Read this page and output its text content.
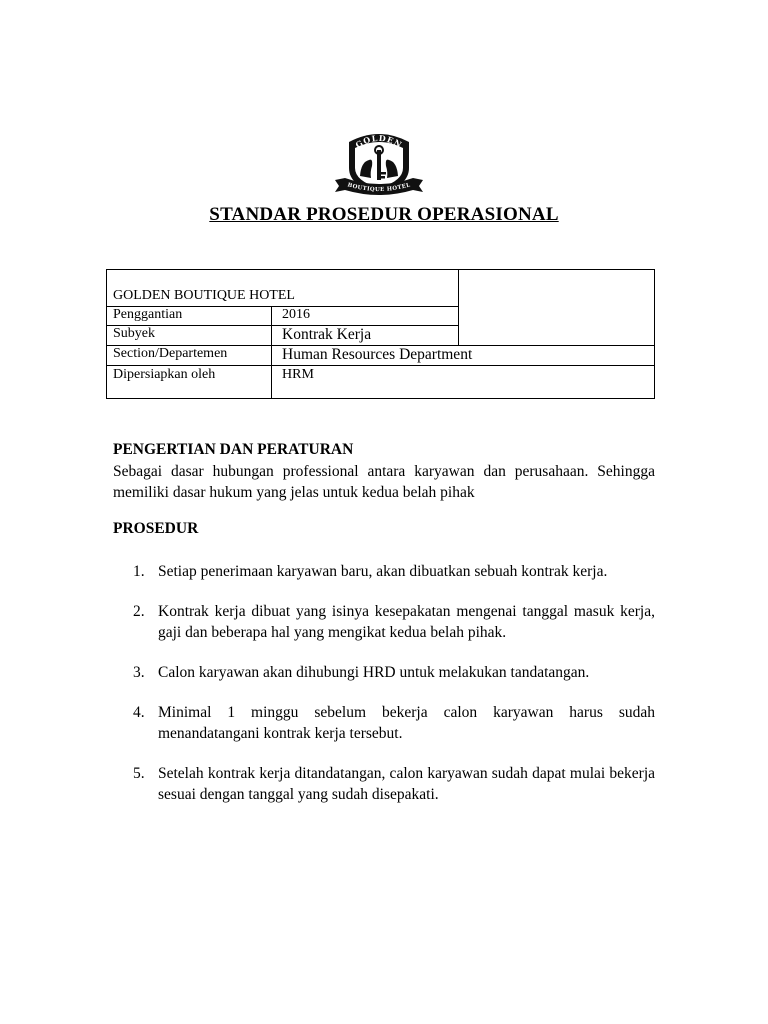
GOLDEN
BOUTIQUE HOTEL
STANDAR PROSEDUR OPERASIONAL
GOLDEN BOUTIQUE HOTEL
Penggantian	2016
Subyek	Kontrak Kerja
Section/Departemen	Human Resources Department
Dipersiapkan oleh	HRM
PENGERTIAN DAN PERATURAN
Sebagai dasar hubungan professional antara karyawan dan perusahaan. Sehingga memiliki dasar hukum yang jelas untuk kedua belah pihak
PROSEDUR
1. Setiap penerimaan karyawan baru, akan dibuatkan sebuah kontrak kerja.
2. Kontrak kerja dibuat yang isinya kesepakatan mengenai tanggal masuk kerja, gaji dan beberapa hal yang mengikat kedua belah pihak.
3. Calon karyawan akan dihubungi HRD untuk melakukan tandatangan.
4. Minimal 1 minggu sebelum bekerja calon karyawan harus sudah menandatangani kontrak kerja tersebut.
5. Setelah kontrak kerja ditandatangan, calon karyawan sudah dapat mulai bekerja sesuai dengan tanggal yang sudah disepakati.
